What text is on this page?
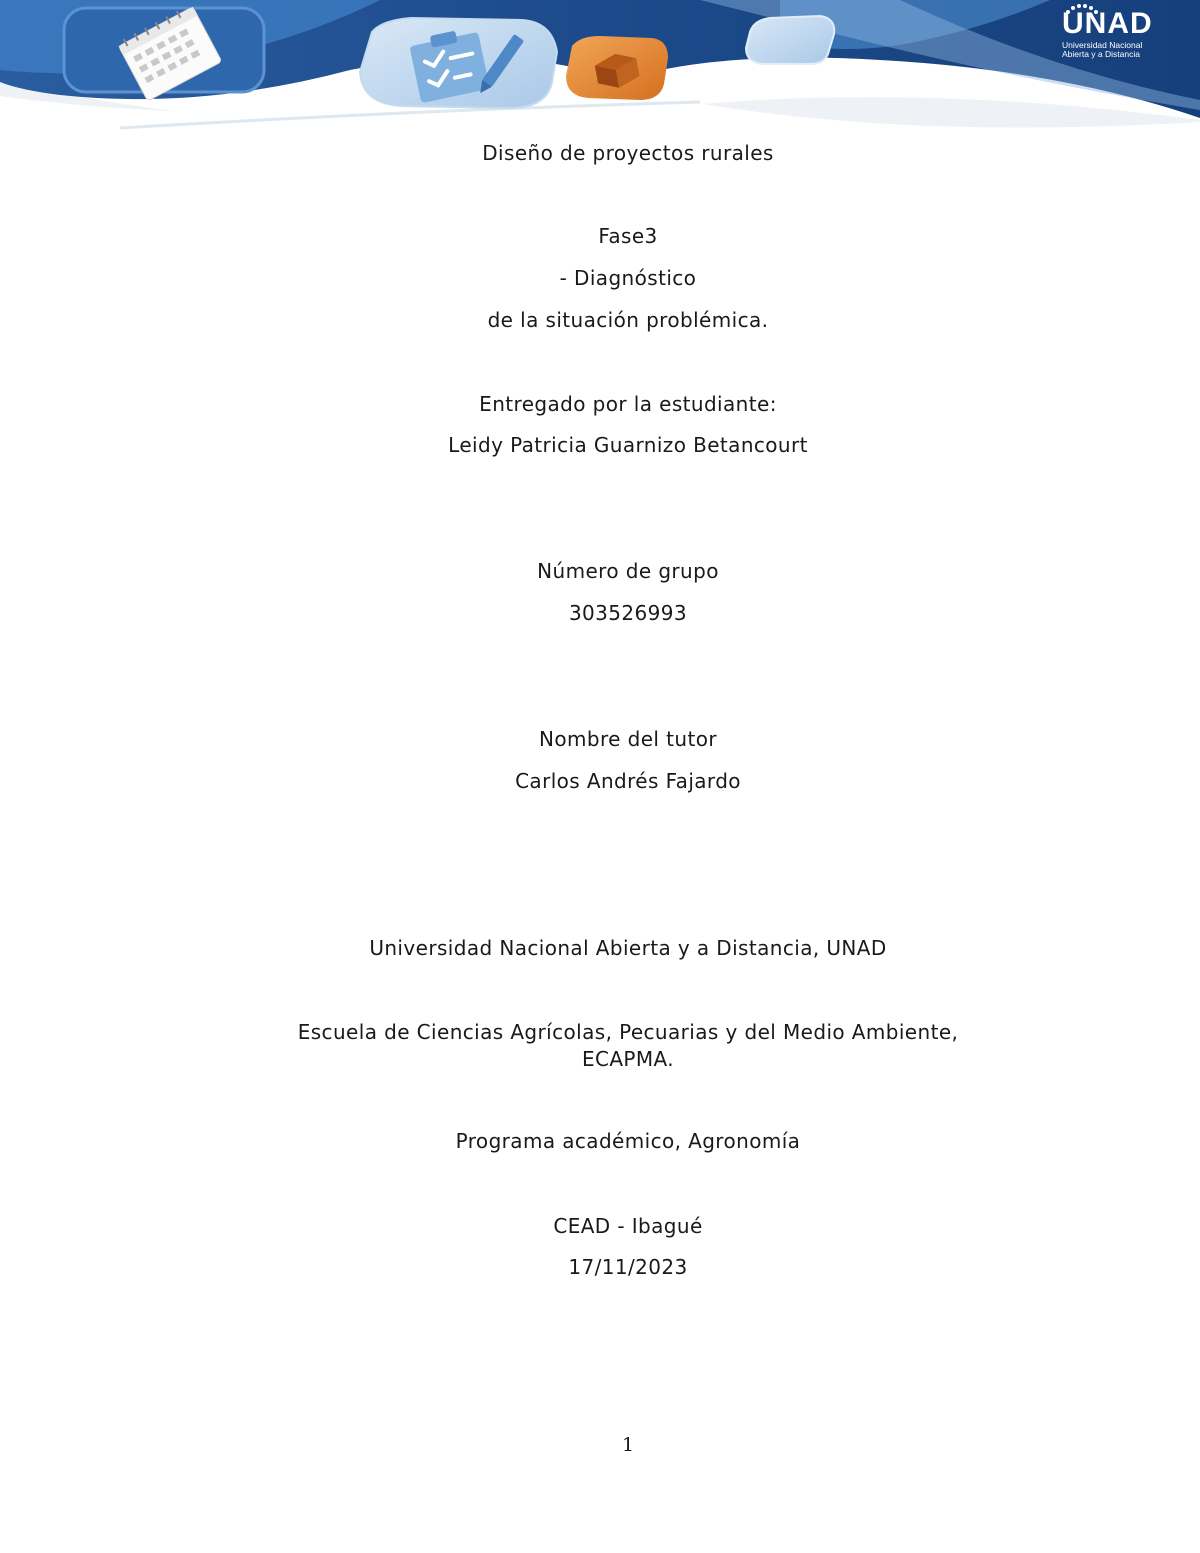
UNAD
Universidad Nacional
Abierta y a Distancia
Diseño de proyectos rurales
Fase3
- Diagnóstico
de la situación problémica.
Entregado por la estudiante:
Leidy Patricia Guarnizo Betancourt
Número de grupo
303526993
Nombre del tutor
Carlos Andrés Fajardo
Universidad Nacional Abierta y a Distancia, UNAD
Escuela de Ciencias Agrícolas, Pecuarias y del Medio Ambiente,
ECAPMA.
Programa académico, Agronomía
CEAD - Ibagué
17/11/2023
1
